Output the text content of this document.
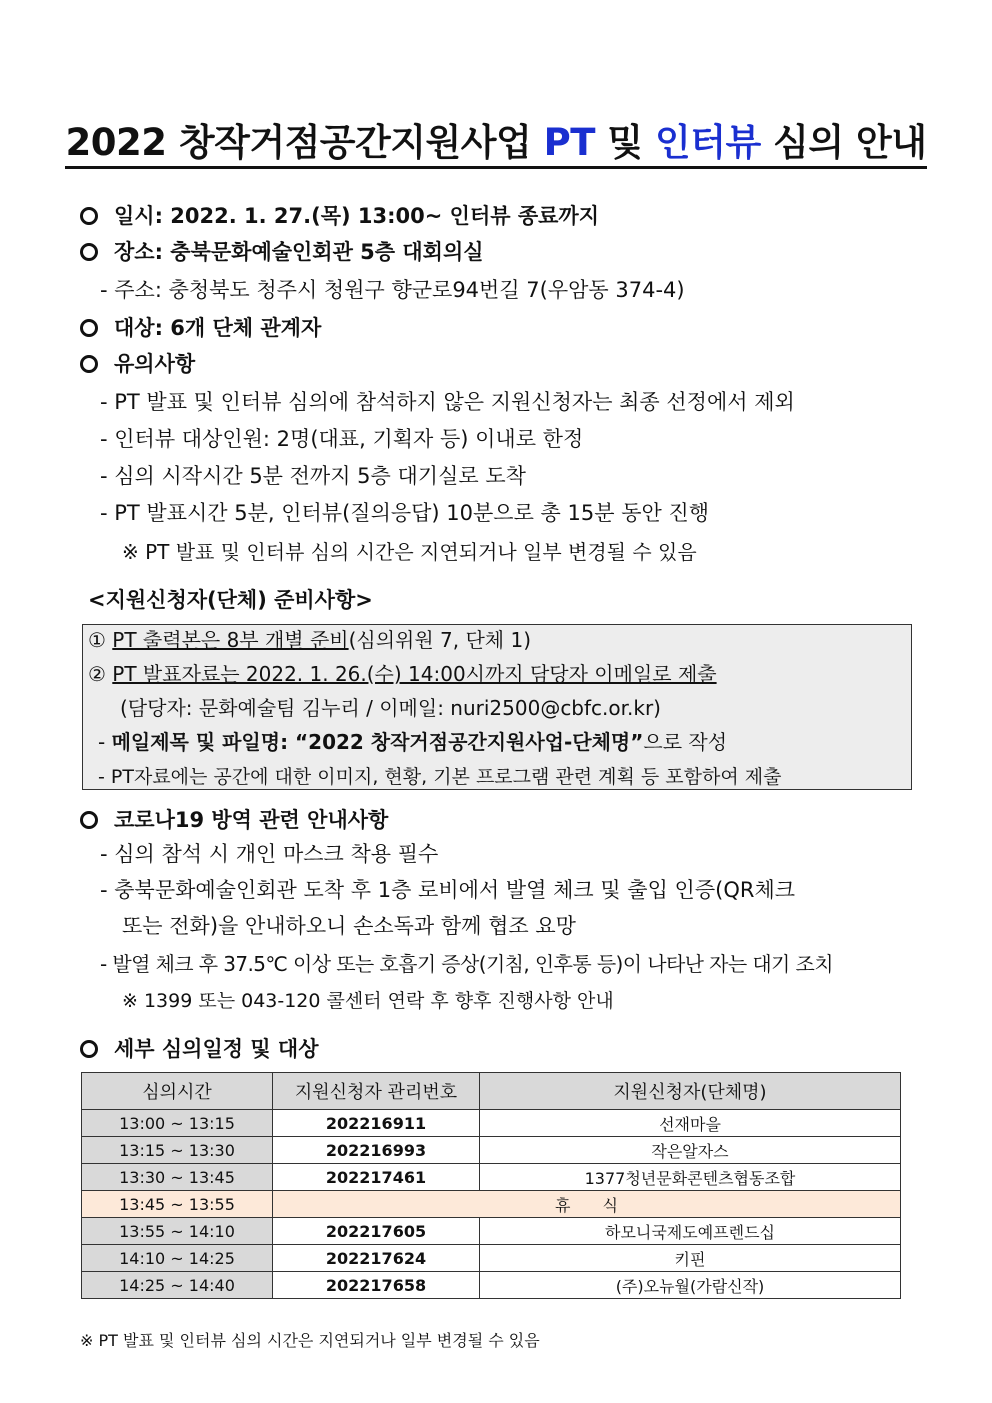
2022 창작거점공간지원사업 PT 및 인터뷰 심의 안내
일시: 2022. 1. 27.(목) 13:00~ 인터뷰 종료까지
장소: 충북문화예술인회관 5층 대회의실
- 주소: 충청북도 청주시 청원구 향군로94번길 7(우암동 374-4)
대상: 6개 단체 관계자
유의사항
- PT 발표 및 인터뷰 심의에 참석하지 않은 지원신청자는 최종 선정에서 제외
- 인터뷰 대상인원: 2명(대표, 기획자 등) 이내로 한정
- 심의 시작시간 5분 전까지 5층 대기실로 도착
- PT 발표시간 5분, 인터뷰(질의응답) 10분으로 총 15분 동안 진행
※ PT 발표 및 인터뷰 심의 시간은 지연되거나 일부 변경될 수 있음
<지원신청자(단체) 준비사항>
① PT 출력본은 8부 개별 준비(심의위원 7, 단체 1)
② PT 발표자료는 2022. 1. 26.(수) 14:00시까지 담당자 이메일로 제출
(담당자: 문화예술팀 김누리 / 이메일: nuri2500@cbfc.or.kr)
- 메일제목 및 파일명: “2022 창작거점공간지원사업-단체명”으로 작성
- PT자료에는 공간에 대한 이미지, 현황, 기본 프로그램 관련 계획 등 포함하여 제출
코로나19 방역 관련 안내사항
- 심의 참석 시 개인 마스크 착용 필수
- 충북문화예술인회관 도착 후 1층 로비에서 발열 체크 및 출입 인증(QR체크
또는 전화)을 안내하오니 손소독과 함께 협조 요망
- 발열 체크 후 37.5℃ 이상 또는 호흡기 증상(기침, 인후통 등)이 나타난 자는 대기 조치
※ 1399 또는 043-120 콜센터 연락 후 향후 진행사항 안내
세부 심의일정 및 대상
심의시간	지원신청자 관리번호	지원신청자(단체명)
13:00 ~ 13:15	202216911	선재마을
13:15 ~ 13:30	202216993	작은알자스
13:30 ~ 13:45	202217461	1377청년문화콘텐츠협동조합
13:45 ~ 13:55	휴　　식	
13:55 ~ 14:10	202217605	하모니국제도예프렌드십
14:10 ~ 14:25	202217624	키핀
14:25 ~ 14:40	202217658	(주)오뉴월(가람신작)
※ PT 발표 및 인터뷰 심의 시간은 지연되거나 일부 변경될 수 있음
